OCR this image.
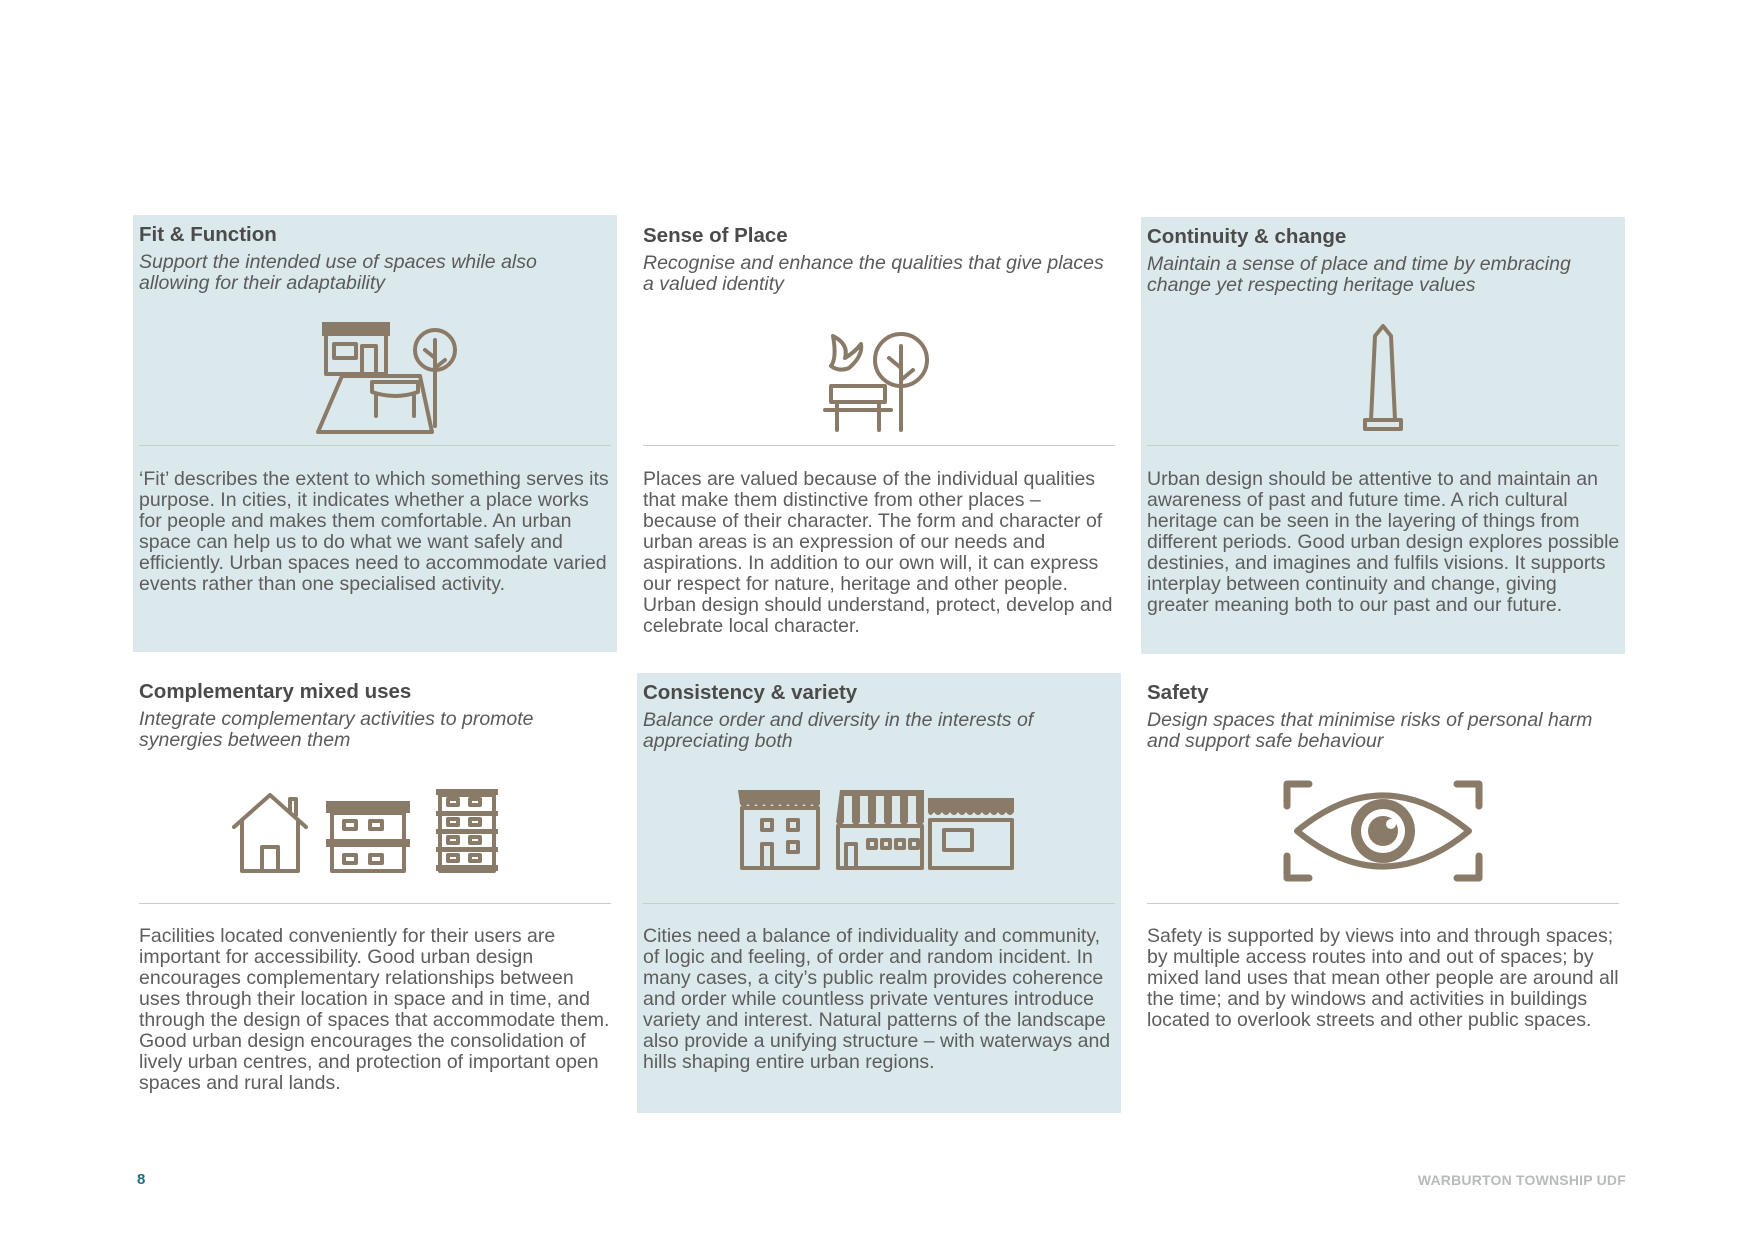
Fit & Function

Support the intended use of spaces while also allowing for their adaptability

‘Fit’ describes the extent to which something serves its purpose. In cities, it indicates whether a place works for people and makes them comfortable. An urban space can help us to do what we want safely and efficiently. Urban spaces need to accommodate varied events rather than one specialised activity.

Sense of Place

Recognise and enhance the qualities that give places a valued identity

Places are valued because of the individual qualities that make them distinctive from other places – because of their character. The form and character of urban areas is an expression of our needs and aspirations. In addition to our own will, it can express our respect for nature, heritage and other people. Urban design should understand, protect, develop and celebrate local character.

Continuity & change

Maintain a sense of place and time by embracing change yet respecting heritage values

Urban design should be attentive to and maintain an awareness of past and future time. A rich cultural heritage can be seen in the layering of things from different periods. Good urban design explores possible destinies, and imagines and fulfils visions. It supports interplay between continuity and change, giving greater meaning both to our past and our future.

Complementary mixed uses

Integrate complementary activities to promote synergies between them

Facilities located conveniently for their users are important for accessibility. Good urban design encourages complementary relationships between uses through their location in space and in time, and through the design of spaces that accommodate them. Good urban design encourages the consolidation of lively urban centres, and protection of important open spaces and rural lands.

Consistency & variety

Balance order and diversity in the interests of appreciating both

Cities need a balance of individuality and community, of logic and feeling, of order and random incident. In many cases, a city’s public realm provides coherence and order while countless private ventures introduce variety and interest. Natural patterns of the landscape also provide a unifying structure – with waterways and hills shaping entire urban regions.

Safety

Design spaces that minimise risks of personal harm and support safe behaviour

Safety is supported by views into and through spaces; by multiple access routes into and out of spaces; by mixed land uses that mean other people are around all the time; and by windows and activities in buildings located to overlook streets and other public spaces.

8	WARBURTON TOWNSHIP UDF
